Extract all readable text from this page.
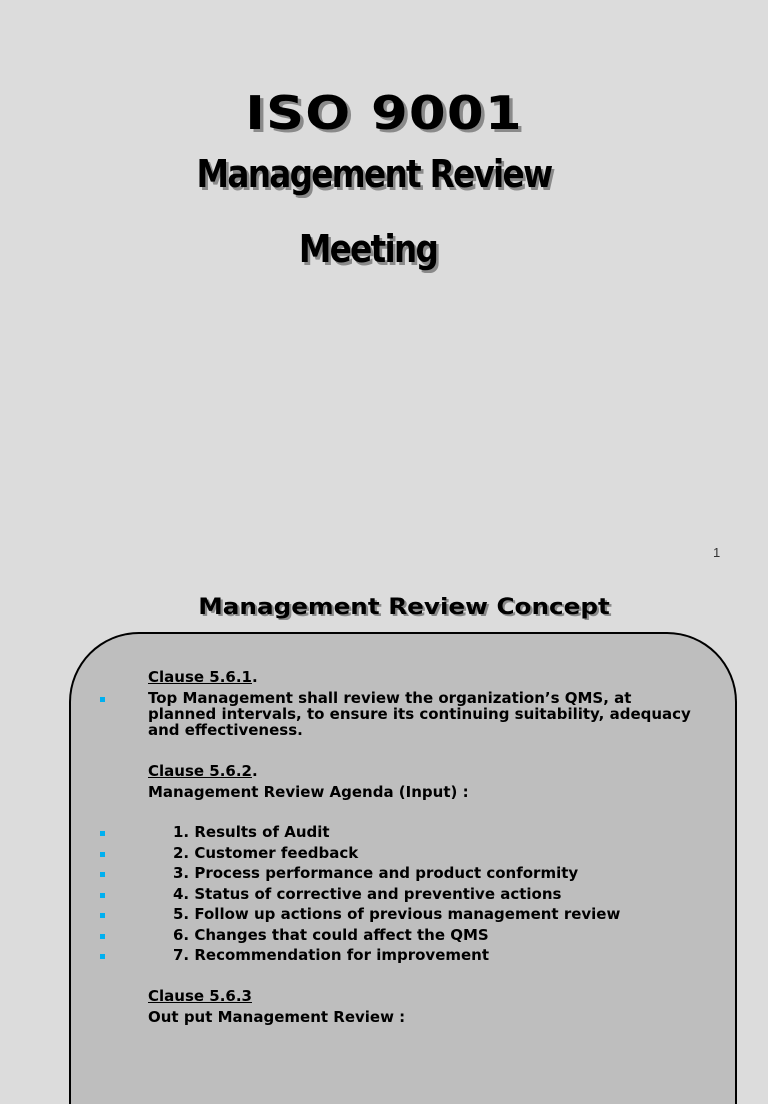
ISO 9001
Management Review
Meeting
1
Management Review Concept
Clause 5.6.1.
Top Management shall review the organization’s QMS, at
planned intervals, to ensure its continuing suitability, adequacy
and effectiveness.
Clause 5.6.2.
Management Review Agenda (Input) :
1. Results of Audit
2. Customer feedback
3. Process performance and product conformity
4. Status of corrective and preventive actions
5. Follow up actions of previous management review
6. Changes that could affect the QMS
7. Recommendation for improvement
Clause 5.6.3
Out put Management Review :
